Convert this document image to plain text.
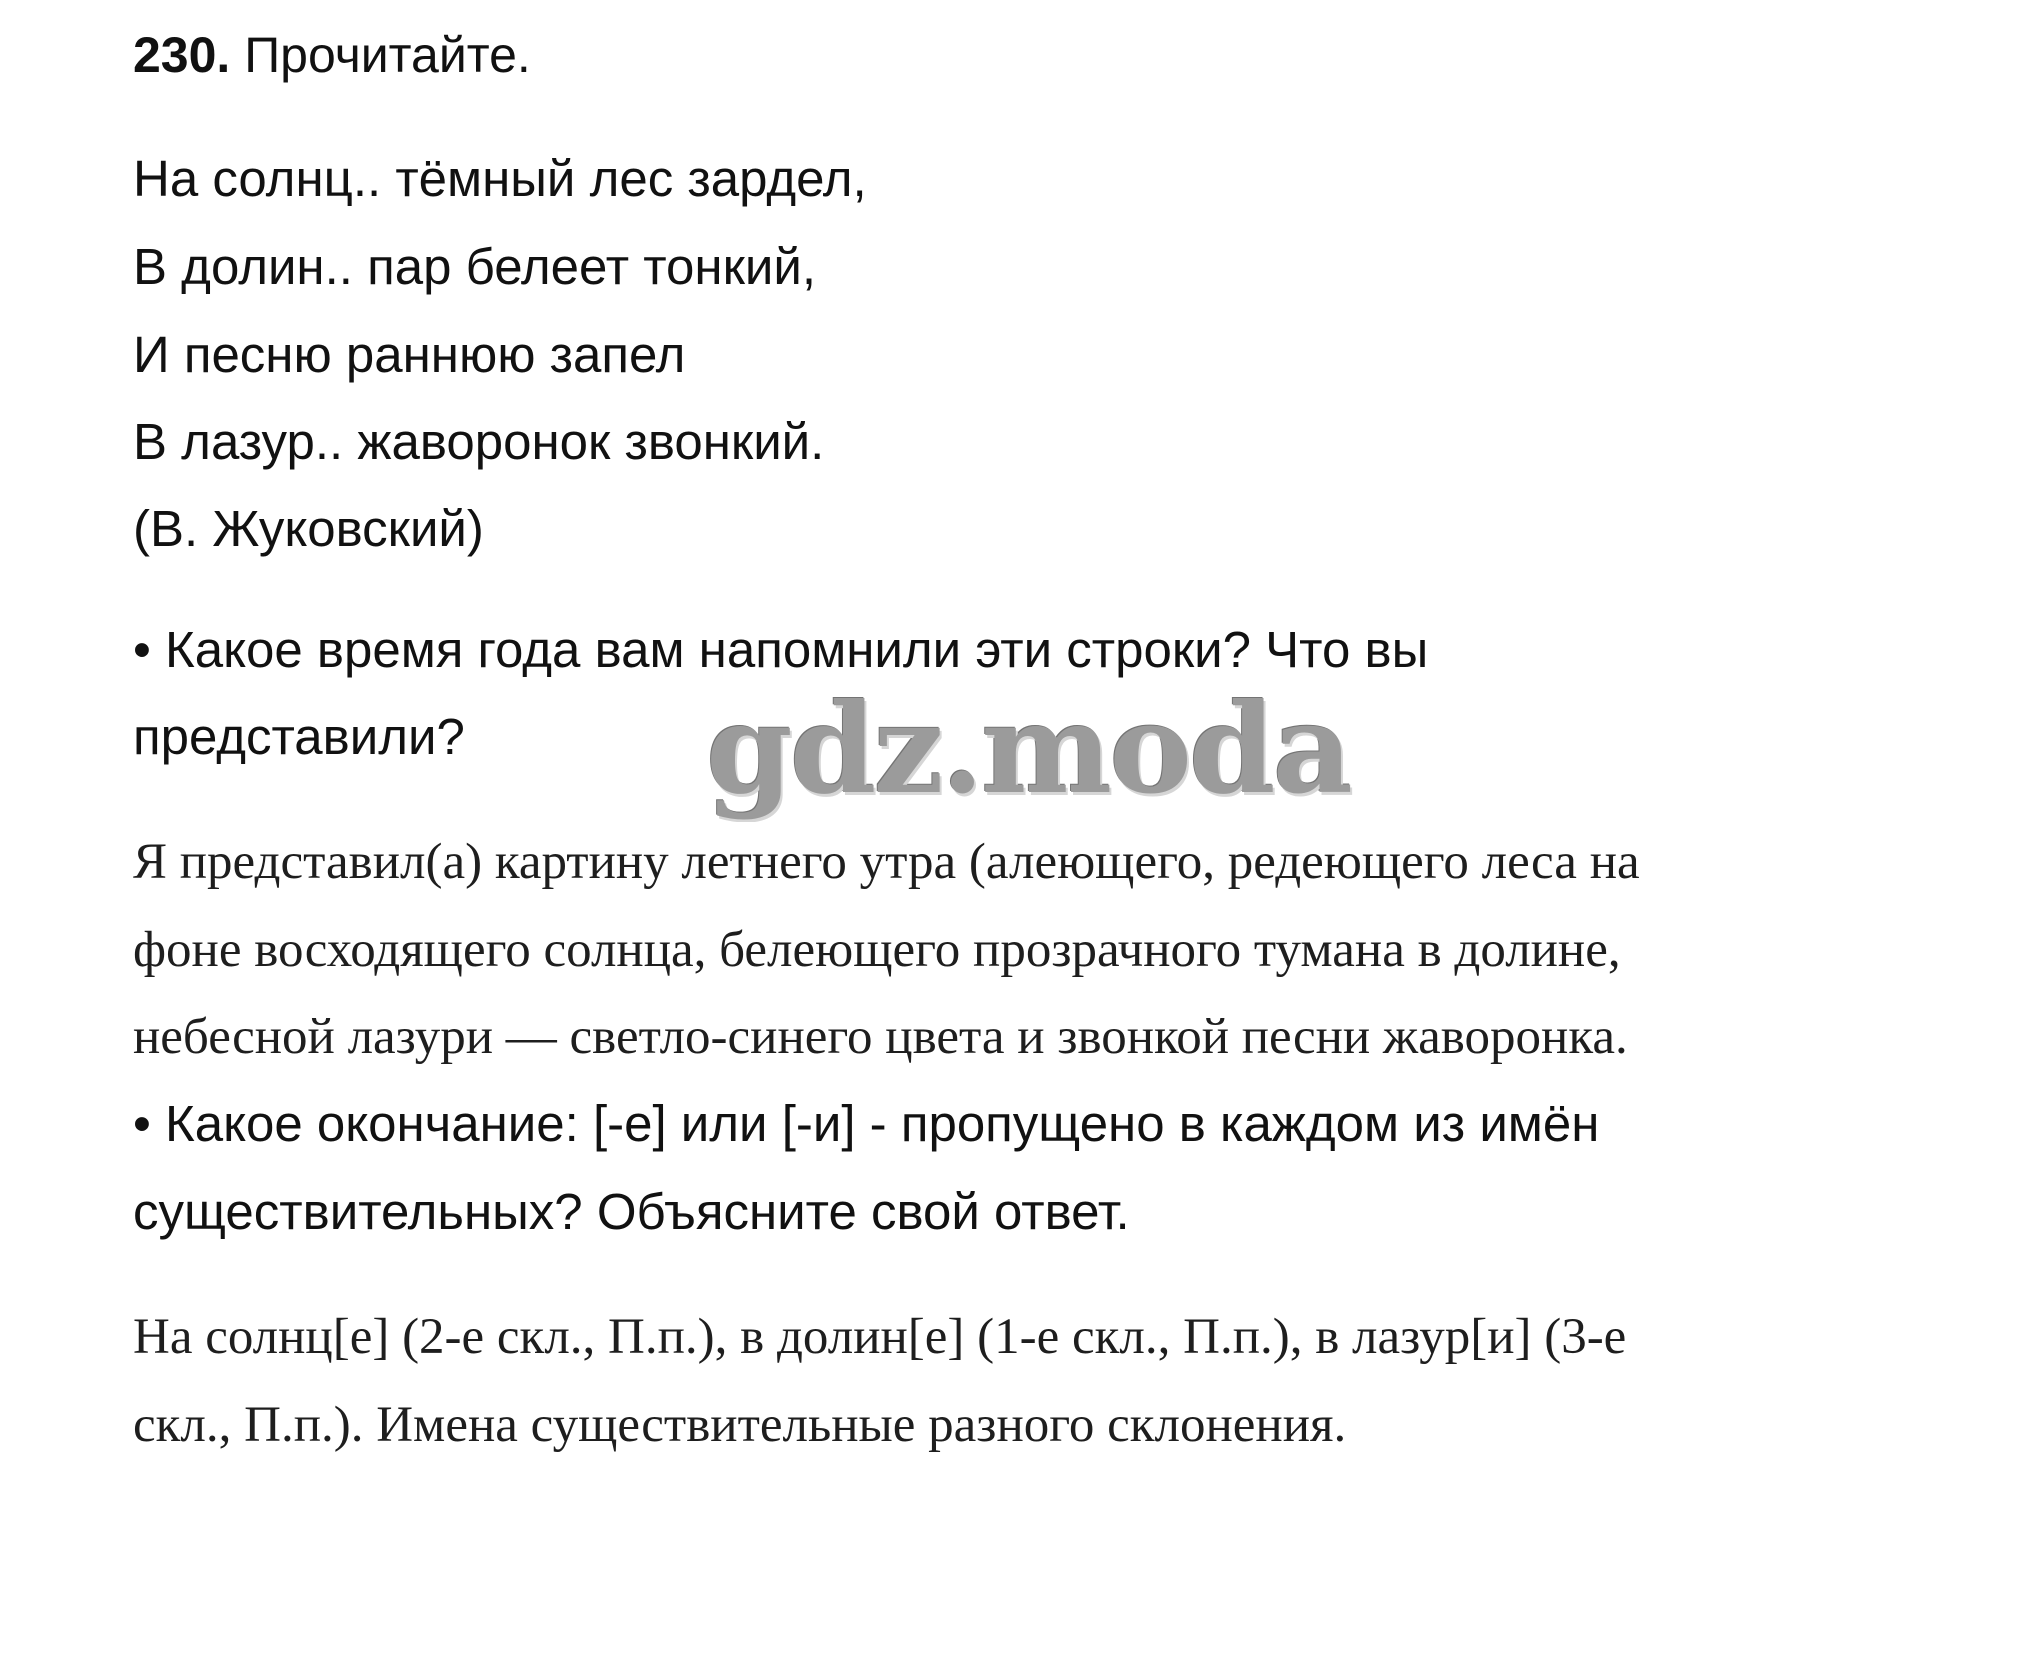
230. Прочитайте.
На солнц.. тёмный лес зардел,
В долин.. пар белеет тонкий,
И песню раннюю запел
В лазур.. жаворонок звонкий.
(В. Жуковский)
• Какое время года вам напомнили эти строки? Что вы
представили? gdz.moda
Я представил(а) картину летнего утра (алеющего, редеющего леса на
фоне восходящего солнца, белеющего прозрачного тумана в долине,
небесной лазури — светло-синего цвета и звонкой песни жаворонка.
• Какое окончание: [-е] или [-и] - пропущено в каждом из имён
существительных? Объясните свой ответ.
На солнц[е] (2-е скл., П.п.), в долин[е] (1-е скл., П.п.), в лазур[и] (3-е
скл., П.п.). Имена существительные разного склонения.
